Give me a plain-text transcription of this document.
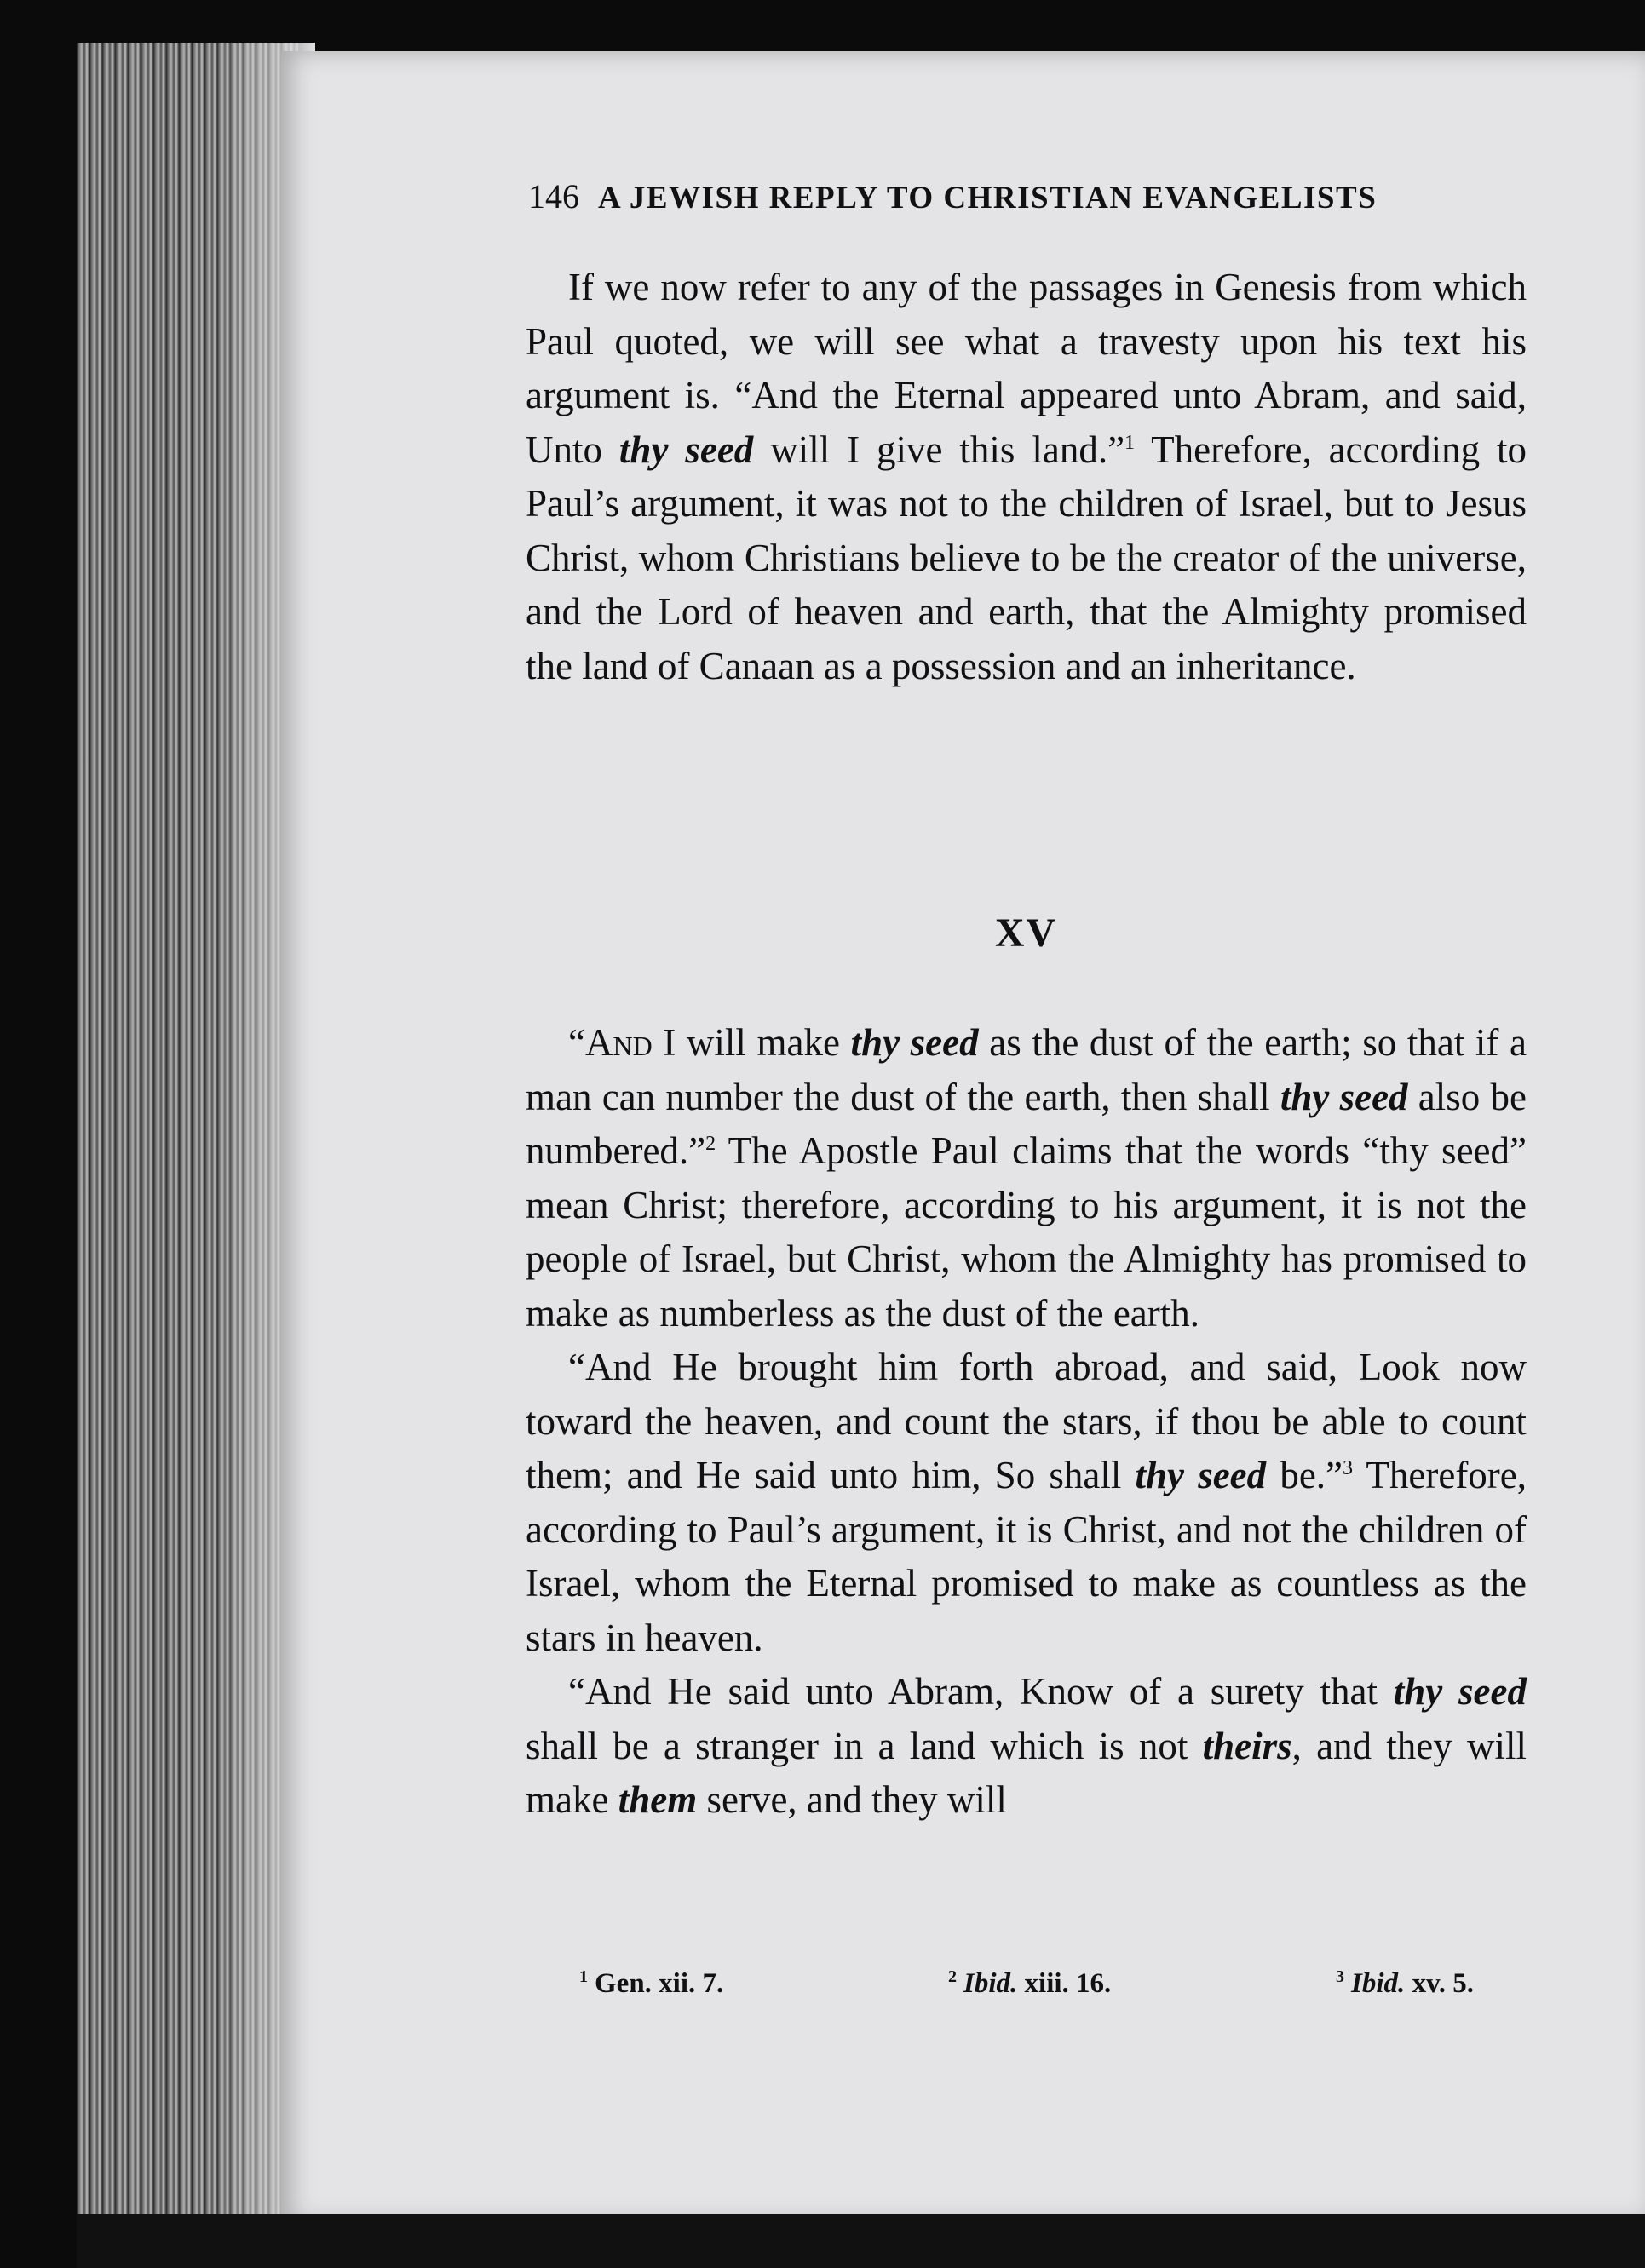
146 A JEWISH REPLY TO CHRISTIAN EVANGELISTS

If we now refer to any of the passages in Genesis from which Paul quoted, we will see what a travesty upon his text his argument is. “And the Eternal appeared unto Abram, and said, Unto thy seed will I give this land.”$^1$ Therefore, according to Paul’s argument, it was not to the children of Israel, but to Jesus Christ, whom Christians believe to be the creator of the universe, and the Lord of heaven and earth, that the Almighty promised the land of Canaan as a possession and an inheritance.

XV

“And I will make thy seed as the dust of the earth; so that if a man can number the dust of the earth, then shall thy seed also be numbered.”$^2$ The Apostle Paul claims that the words “thy seed” mean Christ; therefore, according to his argument, it is not the people of Israel, but Christ, whom the Almighty has promised to make as numberless as the dust of the earth.

“And He brought him forth abroad, and said, Look now toward the heaven, and count the stars, if thou be able to count them; and He said unto him, So shall thy seed be.”$^3$ Therefore, according to Paul’s argument, it is Christ, and not the children of Israel, whom the Eternal promised to make as countless as the stars in heaven.

“And He said unto Abram, Know of a surety that thy seed shall be a stranger in a land which is not theirs, and they will make them serve, and they will

$^1$ Gen. xii. 7.	$^2$ Ibid. xiii. 16.	$^3$ Ibid. xv. 5.
